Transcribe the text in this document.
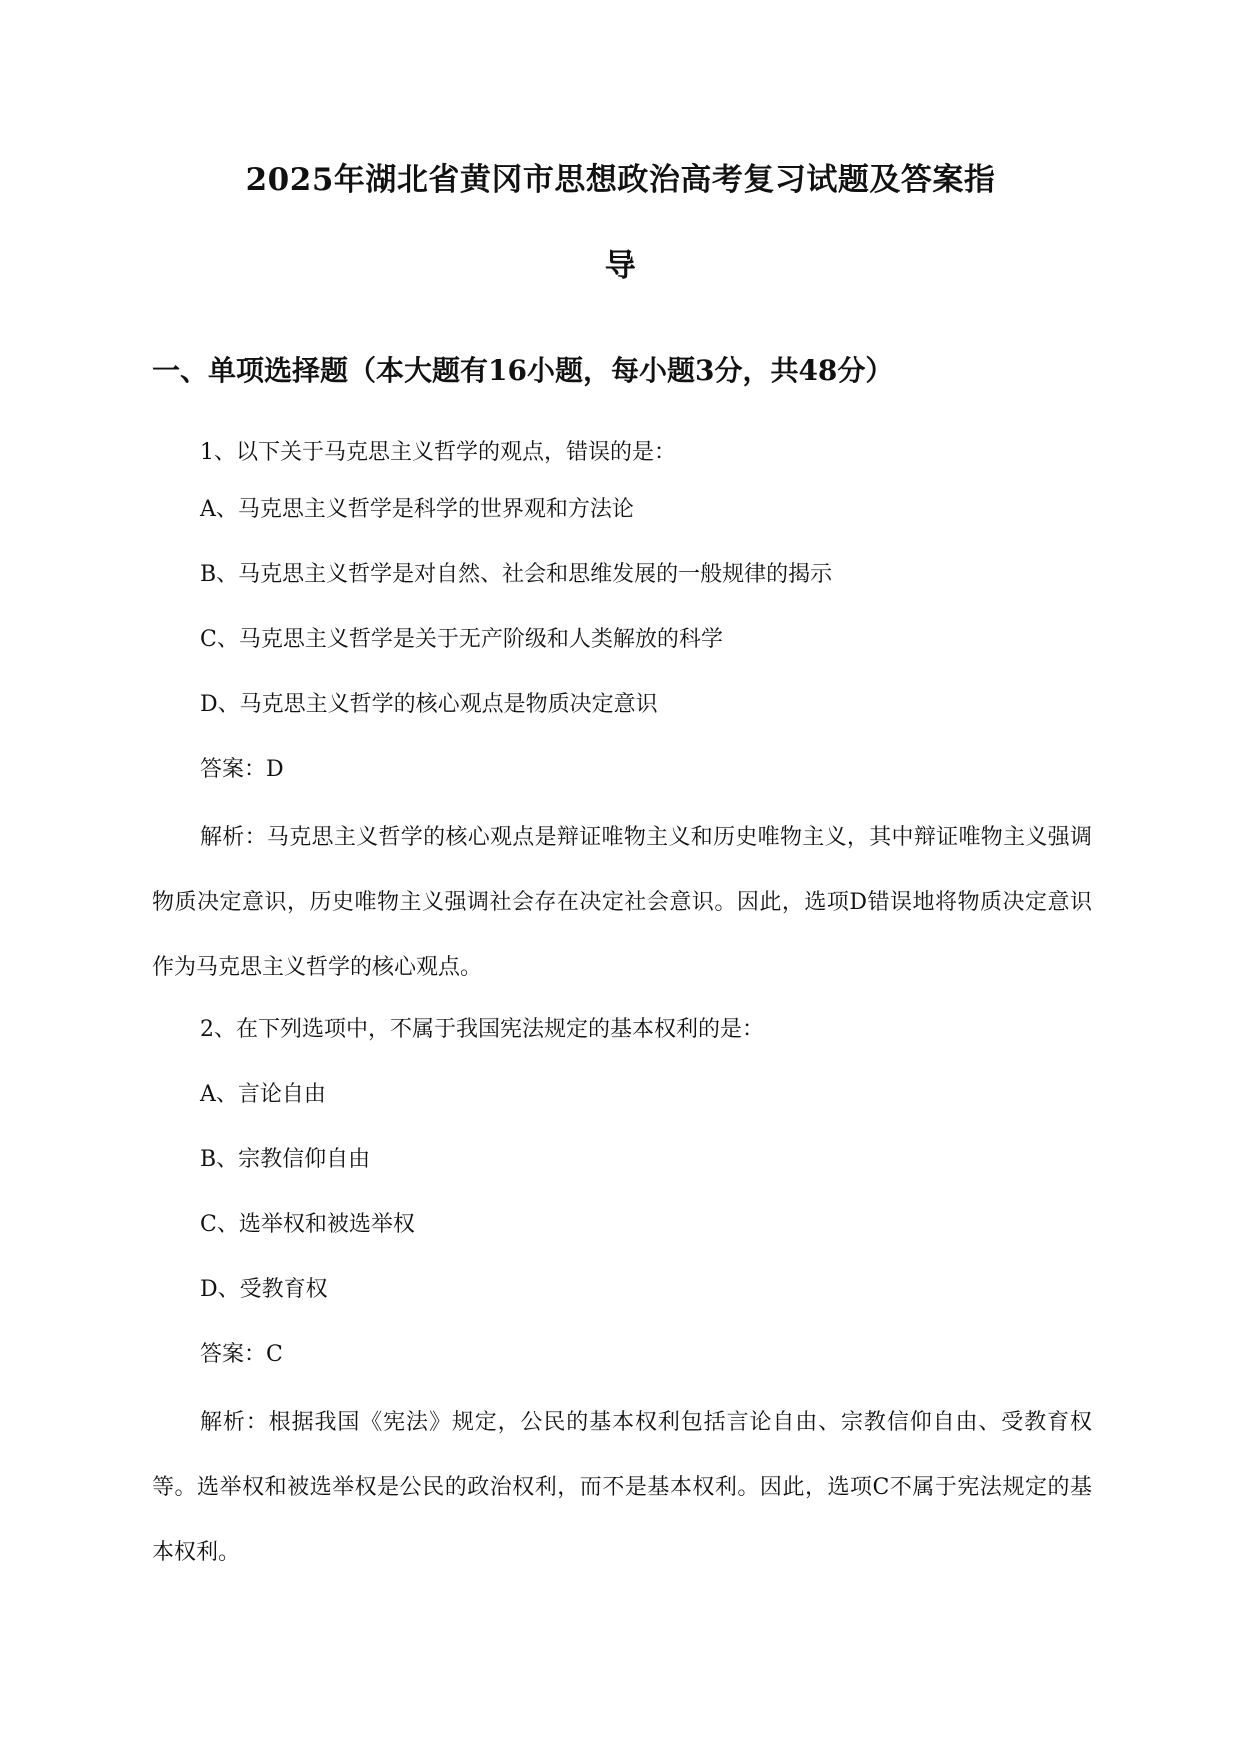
2025年湖北省黄冈市思想政治高考复习试题及答案指
导
一、单项选择题（本大题有16小题，每小题3分，共48分）
1、以下关于马克思主义哲学的观点，错误的是：
A、马克思主义哲学是科学的世界观和方法论
B、马克思主义哲学是对自然、社会和思维发展的一般规律的揭示
C、马克思主义哲学是关于无产阶级和人类解放的科学
D、马克思主义哲学的核心观点是物质决定意识
答案：D
解析：马克思主义哲学的核心观点是辩证唯物主义和历史唯物主义，其中辩证唯物主义强调物质决定意识，历史唯物主义强调社会存在决定社会意识。因此，选项D错误地将物质决定意识作为马克思主义哲学的核心观点。
2、在下列选项中，不属于我国宪法规定的基本权利的是：
A、言论自由
B、宗教信仰自由
C、选举权和被选举权
D、受教育权
答案：C
解析：根据我国《宪法》规定，公民的基本权利包括言论自由、宗教信仰自由、受教育权等。选举权和被选举权是公民的政治权利，而不是基本权利。因此，选项C不属于宪法规定的基本权利。
